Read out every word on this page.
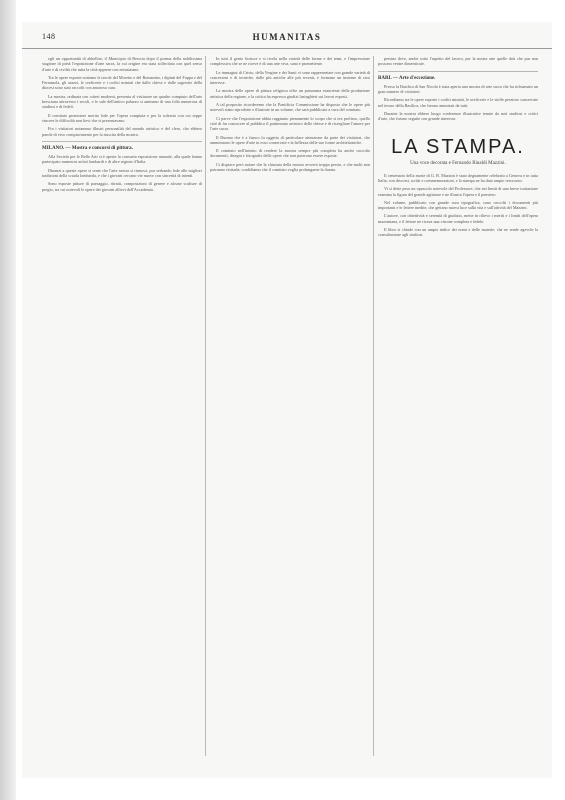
148	HUMANITAS

egli un opportunità di abbellire, il Municipio di Brescia dopo il poema della nobilissima stagione di pietà l'esposizione d'arte sacra, la cui origine era stata sollecitata con quel senso d'arte e di civiltà che tutta la città apprese con entusiasmo.

Tra le opere esposte notiamo le tavole del Moretto e del Romanino, i dipinti del Foppa e del Ferramola, gli arazzi, le oreficerie e i codici miniati che dalle chiese e dalle sagrestie della diocesi sono stati raccolti con amorosa cura.

La mostra, ordinata con criteri moderni, presenta al visitatore un quadro compiuto dell'arte bresciana attraverso i secoli, e le sale dell'antico palazzo si animano di una folla numerosa di studiosi e di fedeli.

Il comitato promotore merita lode per l'opera compiuta e per la solerzia con cui seppe vincere le difficoltà non lievi che si presentavano.

Fra i visitatori notammo illustri personalità del mondo artistico e del clero, che ebbero parole di vivo compiacimento per la riuscita della mostra.

MILANO. — Mostra e concorsi di pittura.

Alla Società per le Belle Arti si è aperta la consueta esposizione annuale, alla quale hanno partecipato numerosi artisti lombardi e di altre regioni d'Italia.

Dinanzi a queste opere si sente che l'arte nostra si rinnova, pur serbando fede alle migliori tradizioni della scuola lombarda, e che i giovani cercano vie nuove con sincerità di intenti.

Sono esposte pitture di paesaggio, ritratti, composizioni di genere e alcune sculture di pregio, tra cui notevoli le opere dei giovani allievi dell'Accademia.

In tutti il genio fiorisce e si rivela nella varietà delle forme e dei temi, e l'impressione complessiva che se ne riceve è di una arte viva, sana e promettente.

Le immagini di Cristo, della Vergine e dei Santi vi sono rappresentate con grande varietà di concezioni e di tecniche, dalle più antiche alle più recenti, e formano un insieme di raro interesse.

La mostra delle opere di pittura religiosa offre un panorama esauriente della produzione artistica della regione, e la critica ha espresso giudizi lusinghieri sui lavori esposti.

A tal proposito ricorderemo che la Pontificia Commissione ha disposto che le opere più notevoli siano riprodotte e illustrate in un volume, che sarà pubblicato a cura del comitato.

Ci parve che l'esposizione abbia raggiunto pienamente lo scopo che si era prefisso, quello cioè di far conoscere al pubblico il patrimonio artistico delle chiese e di risvegliare l'amore per l'arte sacra.

Il Duomo che è a fianco fu oggetto di particolare attenzione da parte dei visitatori, che ammirarono le opere d'arte in esso conservate e la bellezza delle sue forme architettoniche.

Il comitato nell'intento di rendere la mostra sempre più completa ha anche raccolto documenti, disegni e fotografie delle opere che non poterono essere esposte.

Ci dispiace però notare che la chiusura della mostra avverrà troppo presto, e che molti non potranno visitarla; confidiamo che il comitato voglia prolungarne la durata.

persino deve, anche sotto l'aspetto del lavoro, per la nostra arte quelle doti che pur non possono venire dimenticate.

BARI. — Arte d'eccezione.

Presso la Basilica di San Nicola è stata aperta una mostra di arte sacra che ha richiamato un gran numero di visitatori.

Ricordiamo tra le opere esposte i codici miniati, le oreficerie e le stoffe preziose conservate nel tesoro della Basilica, che furono ammirati da tutti.

Durante la mostra ebbero luogo conferenze illustrative tenute da noti studiosi e critici d'arte, che furono seguite con grande interesse.

LA STAMPA.
Una voce decorata e Fernando Rinaldi Mazzini.

Il centenario della morte di G. B. Mazzini è stato degnamente celebrato a Genova e in tutta Italia, con discorsi, scritti e commemorazioni, e la stampa ne ha dato ampio resoconto.

Vi si dette peso un opuscolo notevole del Professore, che nei limiti di una breve trattazione esamina la figura del grande agitatore e ne illustra l'opera e il pensiero.

Nel volume, pubblicato con grande cura tipografica, sono raccolti i documenti più importanti e le lettere inedite, che gettano nuova luce sulla vita e sull'attività del Mazzini.

L'autore, con obiettività e serenità di giudizio, mette in rilievo i meriti e i limiti dell'opera mazziniana, e il lettore ne ricava una visione completa e fedele.

Il libro si chiude con un ampio indice dei nomi e delle materie, che ne rende agevole la consultazione agli studiosi.
